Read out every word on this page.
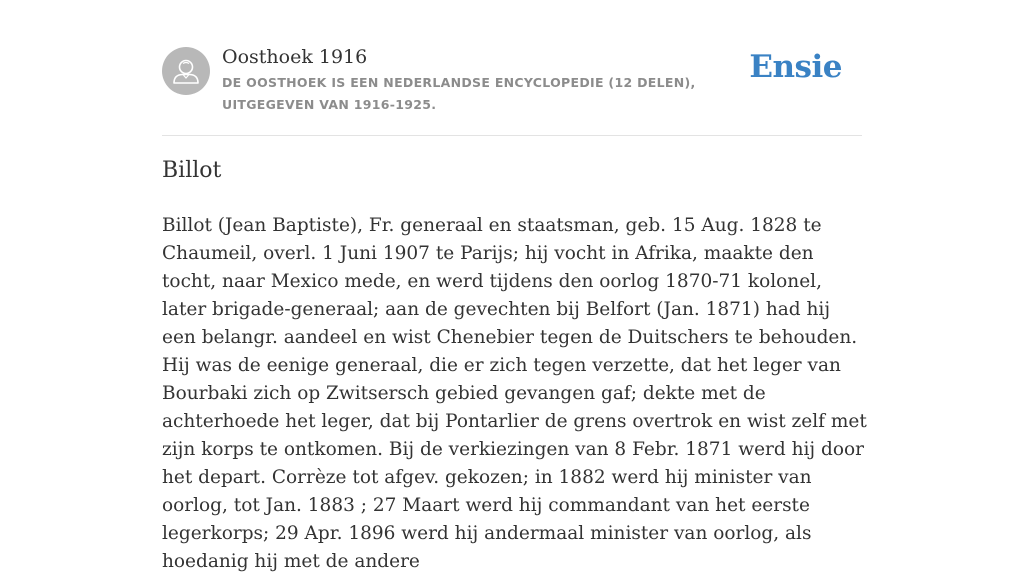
Oosthoek 1916
DE OOSTHOEK IS EEN NEDERLANDSE ENCYCLOPEDIE (12 DELEN), UITGEGEVEN VAN 1916-1925.
Ensie
Billot

Billot (Jean Baptiste), Fr. generaal en staatsman, geb. 15 Aug. 1828 te Chaumeil, overl. 1 Juni 1907 te Parijs; hij vocht in Afrika, maakte den tocht, naar Mexico mede, en werd tijdens den oorlog 1870-71 kolonel, later brigade-generaal; aan de gevechten bij Belfort (Jan. 1871) had hij een belangr. aandeel en wist Chenebier tegen de Duitschers te behouden. Hij was de eenige generaal, die er zich tegen verzette, dat het leger van Bourbaki zich op Zwitsersch gebied gevangen gaf; dekte met de achterhoede het leger, dat bij Pontarlier de grens overtrok en wist zelf met zijn korps te ontkomen. Bij de verkiezingen van 8 Febr. 1871 werd hij door het depart. Corrèze tot afgev. gekozen; in 1882 werd hij minister van oorlog, tot Jan. 1883 ; 27 Maart werd hij commandant van het eerste legerkorps; 29 Apr. 1896 werd hij andermaal minister van oorlog, als hoedanig hij met de andere
